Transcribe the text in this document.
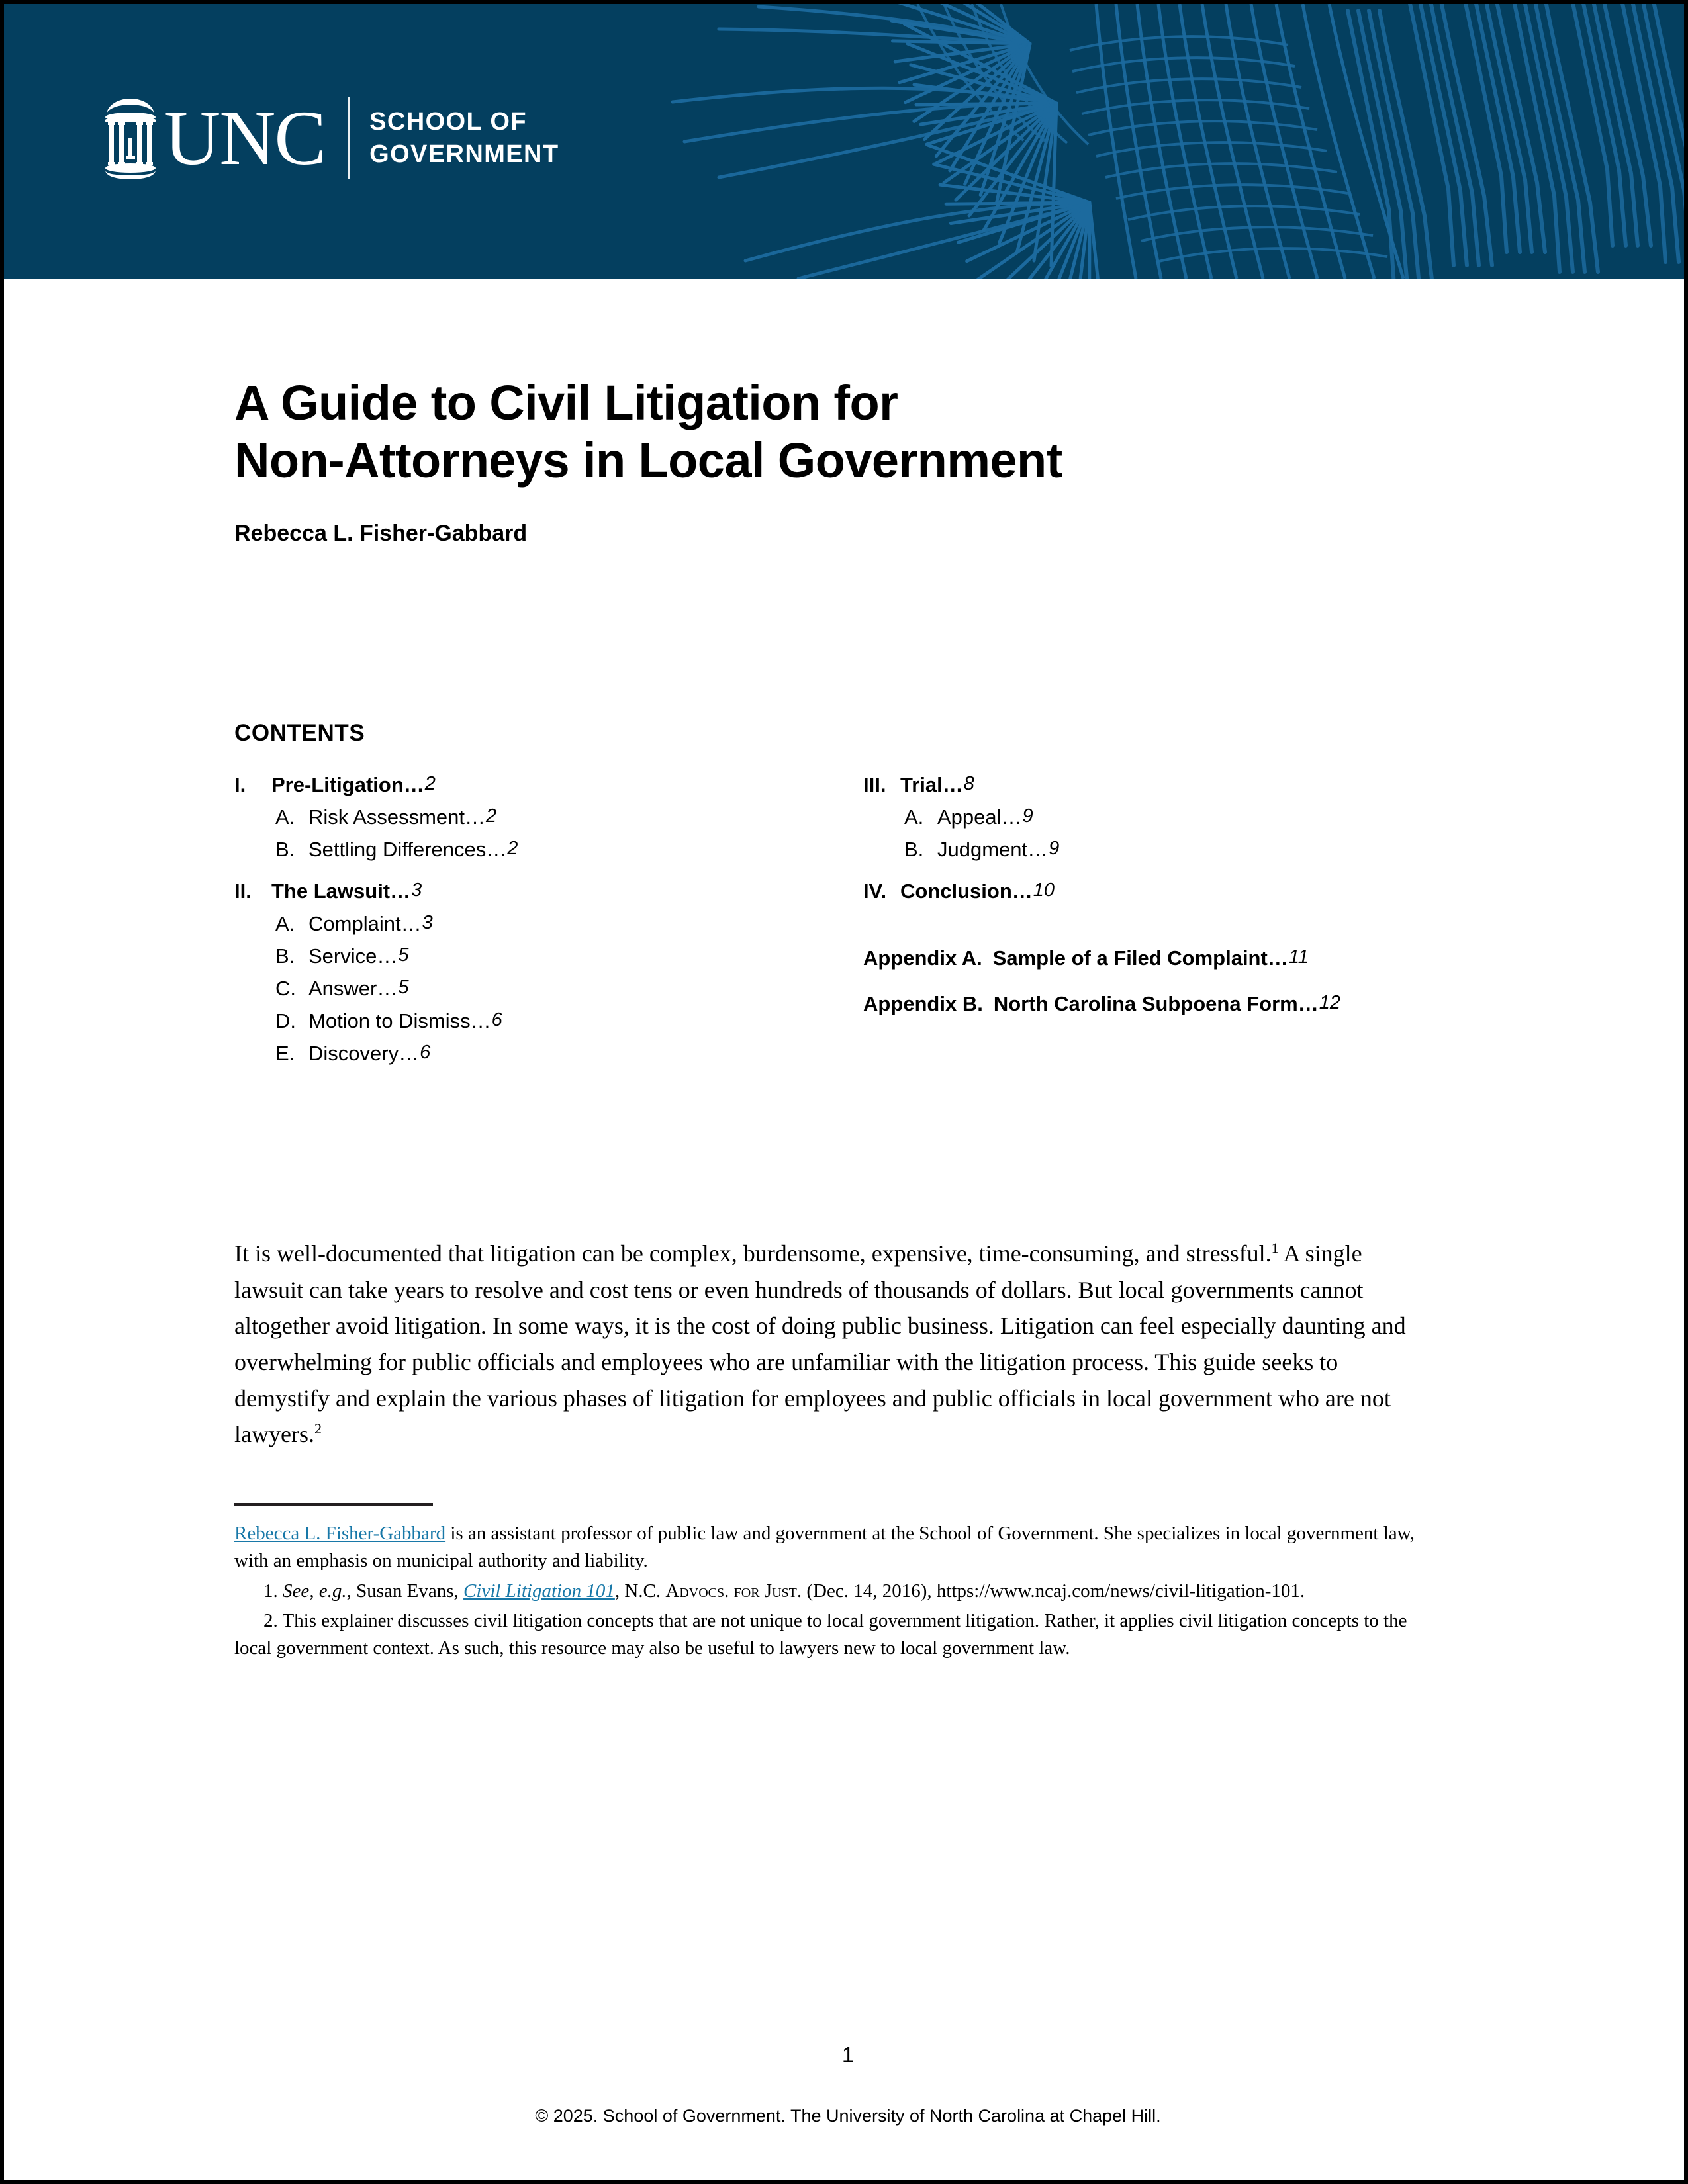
UNC SCHOOL OF
GOVERNMENT
A Guide to Civil Litigation for
Non-Attorneys in Local Government
Rebecca L. Fisher-Gabbard
CONTENTS
I.	Pre-Litigation … 2
A. Risk Assessment … 2
B. Settling Differences … 2
II. The Lawsuit … 3
A. Complaint … 3
B. Service … 5
C. Answer … 5
D. Motion to Dismiss … 6
E. Discovery … 6
III. Trial … 8
A. Appeal … 9
B. Judgment … 9
IV. Conclusion … 10
Appendix A. Sample of a Filed Complaint … 11
Appendix B. North Carolina Subpoena Form … 12

It is well-documented that litigation can be complex, burdensome, expensive, time-consuming, and stressful.$^1$ A single lawsuit can take years to resolve and cost tens or even hundreds of thousands of dollars. But local governments cannot altogether avoid litigation. In some ways, it is the cost of doing public business. Litigation can feel especially daunting and overwhelming for public officials and employees who are unfamiliar with the litigation process. This guide seeks to demystify and explain the various phases of litigation for employees and public officials in local government who are not lawyers.$^2$

Rebecca L. Fisher-Gabbard is an assistant professor of public law and government at the School of Government. She specializes in local government law, with an emphasis on municipal authority and liability.
1. See, e.g., Susan Evans, Civil Litigation 101, N.C. Advocs. for Just. (Dec. 14, 2016), https://www.ncaj.com/news/civil-litigation-101.
2. This explainer discusses civil litigation concepts that are not unique to local government litigation. Rather, it applies civil litigation concepts to the local government context. As such, this resource may also be useful to lawyers new to local government law.
1
© 2025. School of Government. The University of North Carolina at Chapel Hill.
